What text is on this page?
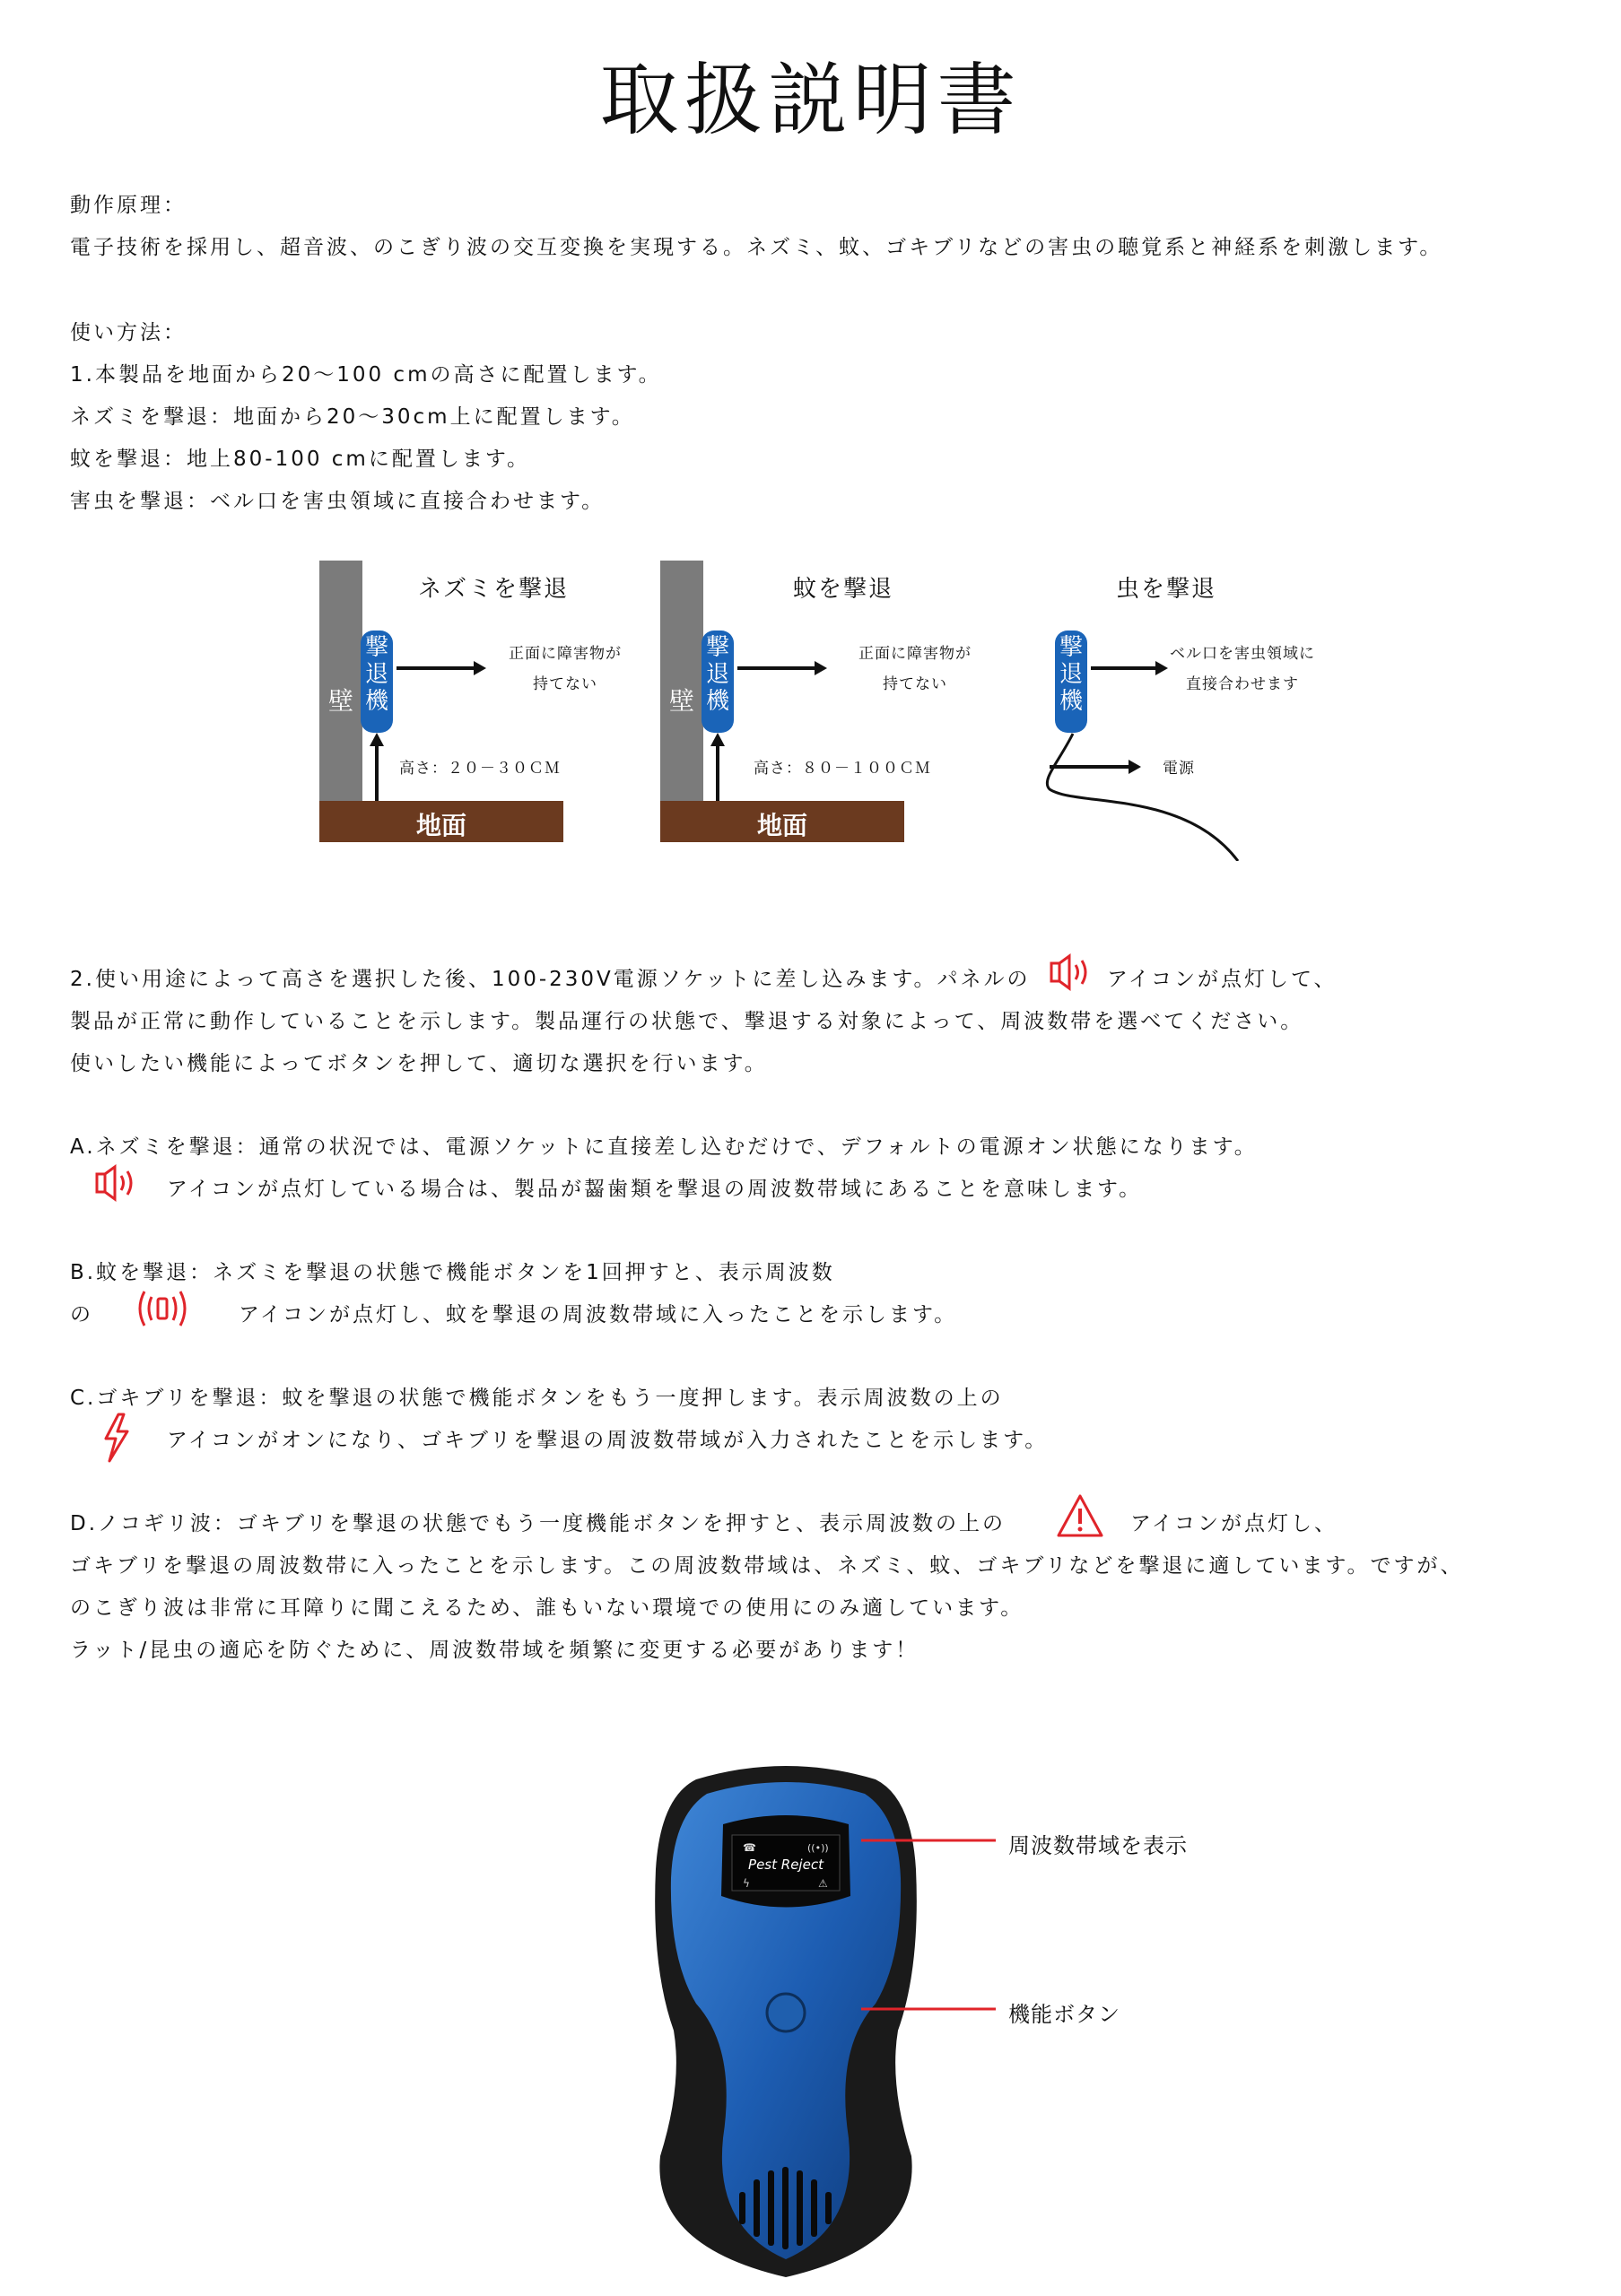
取扱説明書
動作原理：
電子技術を採用し、超音波、のこぎり波の交互変換を実現する。ネズミ、蚊、ゴキブリなどの害虫の聴覚系と神経系を刺激します。
使い方法：
1.本製品を地面から20〜100 cmの高さに配置します。
ネズミを撃退：地面から20〜30cm上に配置します。
蚊を撃退：地上80-100 cmに配置します。
害虫を撃退：ベル口を害虫領域に直接合わせます。
壁
地面
撃退機
ネズミを撃退
正面に障害物が
持てない
高さ：２０－３０ＣＭ
壁
地面
撃退機
蚊を撃退
正面に障害物が
持てない
高さ：８０－１００ＣＭ
虫を撃退
撃退機
ベル口を害虫領域に
直接合わせます
電源
2.使い用途によって高さを選択した後、100-230V電源ソケットに差し込みます。パネルの	アイコンが点灯して、
製品が正常に動作していることを示します。製品運行の状態で、撃退する対象によって、周波数帯を選べてください。
使いしたい機能によってボタンを押して、適切な選択を行います。
A.ネズミを撃退：通常の状況では、電源ソケットに直接差し込むだけで、デフォルトの電源オン状態になります。
アイコンが点灯している場合は、製品が齧歯類を撃退の周波数帯域にあることを意味します。
B.蚊を撃退：ネズミを撃退の状態で機能ボタンを1回押すと、表示周波数
の	アイコンが点灯し、蚊を撃退の周波数帯域に入ったことを示します。
C.ゴキブリを撃退：蚊を撃退の状態で機能ボタンをもう一度押します。表示周波数の上の
アイコンがオンになり、ゴキブリを撃退の周波数帯域が入力されたことを示します。
D.ノコギリ波：ゴキブリを撃退の状態でもう一度機能ボタンを押すと、表示周波数の上の	アイコンが点灯し、
ゴキブリを撃退の周波数帯に入ったことを示します。この周波数帯域は、ネズミ、蚊、ゴキブリなどを撃退に適しています。ですが、
のこぎり波は非常に耳障りに聞こえるため、誰もいない環境での使用にのみ適しています。
ラット/昆虫の適応を防ぐために、周波数帯域を頻繁に変更する必要があります！
☎	((•))
Pest Reject
ϟ	⚠
周波数帯域を表示
機能ボタン
